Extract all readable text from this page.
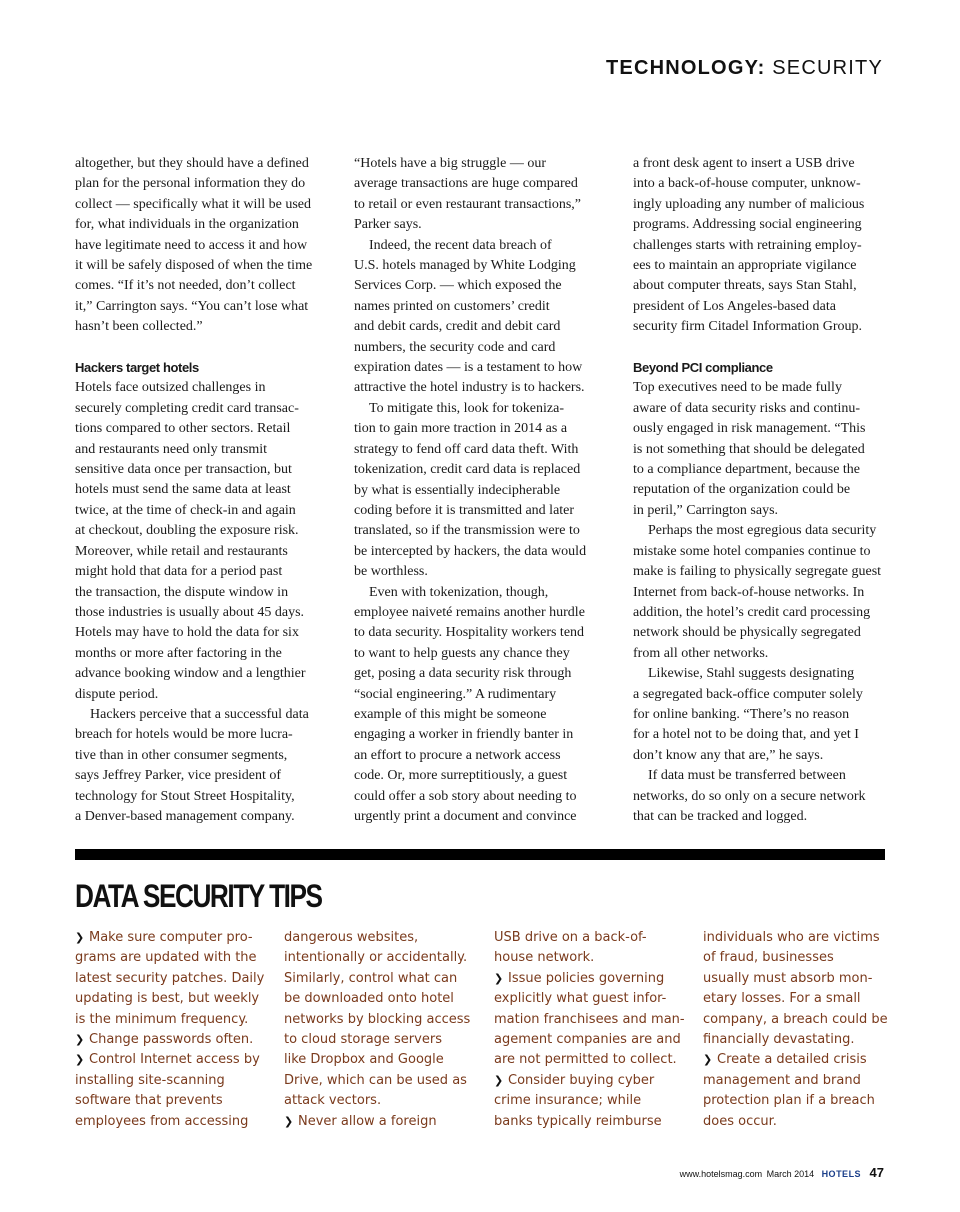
TECHNOLOGY: SECURITY

altogether, but they should have a defined
plan for the personal information they do
collect — specifically what it will be used
for, what individuals in the organization
have legitimate need to access it and how
it will be safely disposed of when the time
comes. “If it’s not needed, don’t collect
it,” Carrington says. “You can’t lose what
hasn’t been collected.”

Hackers target hotels

Hotels face outsized challenges in
securely completing credit card transac-
tions compared to other sectors. Retail
and restaurants need only transmit
sensitive data once per transaction, but
hotels must send the same data at least
twice, at the time of check-in and again
at checkout, doubling the exposure risk.
Moreover, while retail and restaurants
might hold that data for a period past
the transaction, the dispute window in
those industries is usually about 45 days.
Hotels may have to hold the data for six
months or more after factoring in the
advance booking window and a lengthier
dispute period.

Hackers perceive that a successful data
breach for hotels would be more lucra-
tive than in other consumer segments,
says Jeffrey Parker, vice president of
technology for Stout Street Hospitality,
a Denver-based management company.

“Hotels have a big struggle — our
average transactions are huge compared
to retail or even restaurant transactions,”
Parker says.

Indeed, the recent data breach of
U.S. hotels managed by White Lodging
Services Corp. — which exposed the
names printed on customers’ credit
and debit cards, credit and debit card
numbers, the security code and card
expiration dates — is a testament to how
attractive the hotel industry is to hackers.

To mitigate this, look for tokeniza-
tion to gain more traction in 2014 as a
strategy to fend off card data theft. With
tokenization, credit card data is replaced
by what is essentially indecipherable
coding before it is transmitted and later
translated, so if the transmission were to
be intercepted by hackers, the data would
be worthless.

Even with tokenization, though,
employee naiveté remains another hurdle
to data security. Hospitality workers tend
to want to help guests any chance they
get, posing a data security risk through
“social engineering.” A rudimentary
example of this might be someone
engaging a worker in friendly banter in
an effort to procure a network access
code. Or, more surreptitiously, a guest
could offer a sob story about needing to
urgently print a document and convince

a front desk agent to insert a USB drive
into a back-of-house computer, unknow-
ingly uploading any number of malicious
programs. Addressing social engineering
challenges starts with retraining employ-
ees to maintain an appropriate vigilance
about computer threats, says Stan Stahl,
president of Los Angeles-based data
security firm Citadel Information Group.

Beyond PCI compliance

Top executives need to be made fully
aware of data security risks and continu-
ously engaged in risk management. “This
is not something that should be delegated
to a compliance department, because the
reputation of the organization could be
in peril,” Carrington says.

Perhaps the most egregious data security
mistake some hotel companies continue to
make is failing to physically segregate guest
Internet from back-of-house networks. In
addition, the hotel’s credit card processing
network should be physically segregated
from all other networks.

Likewise, Stahl suggests designating
a segregated back-office computer solely
for online banking. “There’s no reason
for a hotel not to be doing that, and yet I
don’t know any that are,” he says.

If data must be transferred between
networks, do so only on a secure network
that can be tracked and logged.

DATA SECURITY TIPS

❯ Make sure computer pro-
grams are updated with the
latest security patches. Daily
updating is best, but weekly
is the minimum frequency.

❯ Change passwords often.

❯ Control Internet access by
installing site-scanning
software that prevents
employees from accessing

dangerous websites,
intentionally or accidentally.
Similarly, control what can
be downloaded onto hotel
networks by blocking access
to cloud storage servers
like Dropbox and Google
Drive, which can be used as
attack vectors.

❯ Never allow a foreign

USB drive on a back-of-
house network.

❯ Issue policies governing
explicitly what guest infor-
mation franchisees and man-
agement companies are and
are not permitted to collect.

❯ Consider buying cyber
crime insurance; while
banks typically reimburse

individuals who are victims
of fraud, businesses
usually must absorb mon-
etary losses. For a small
company, a breach could be
financially devastating.

❯ Create a detailed crisis
management and brand
protection plan if a breach
does occur.

www.hotelsmag.com March 2014 HOTELS 47
